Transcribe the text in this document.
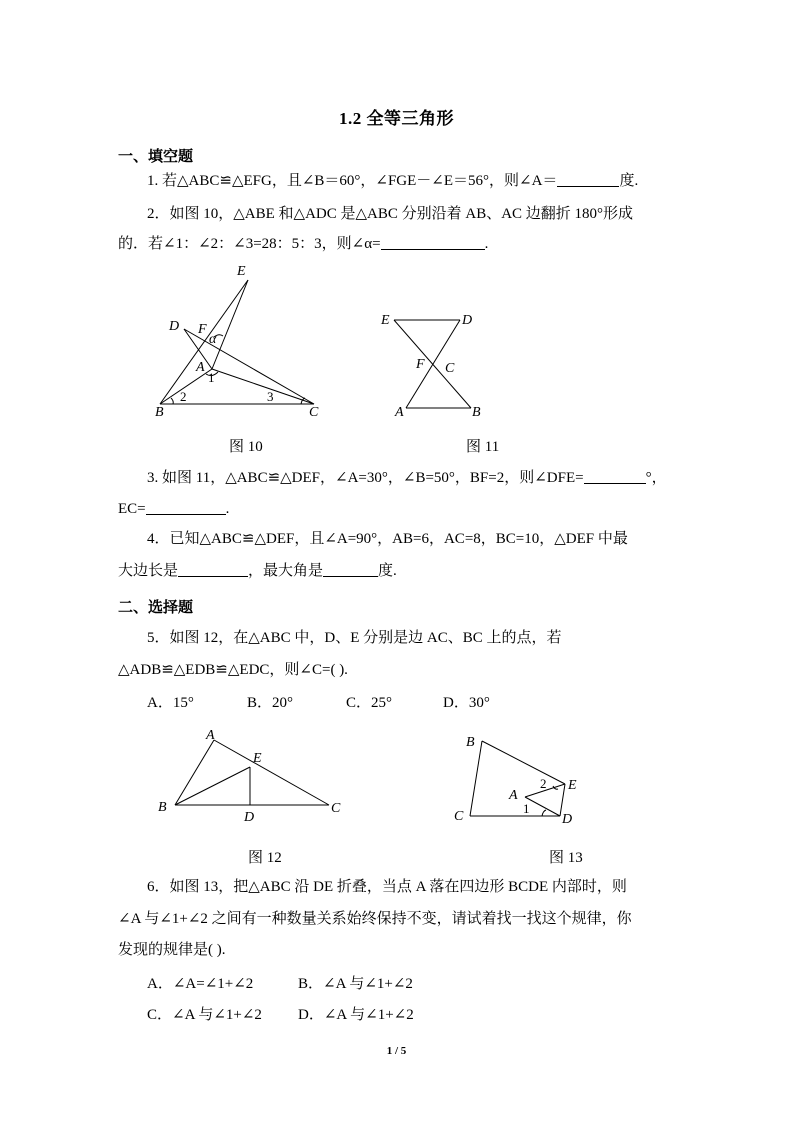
1.2 全等三角形
一、填空题
1. 若△ABC≌△EFG，且∠B＝60°，∠FGE－∠E＝56°，则∠A＝	度.
2．如图 10，△ABE 和△ADC 是△ABC 分别沿着 AB、AC 边翻折 180°形成
的．若∠1：∠2：∠3=28：5：3，则∠α=	.
E
D F
α
A
1
2	3
B	C
图 10
E	D
F C
A	B
图 11
3. 如图 11，△ABC≌△DEF，∠A=30°，∠B=50°，BF=2，则∠DFE=	°，
EC=	.
4．已知△ABC≌△DEF，且∠A=90°，AB=6，AC=8，BC=10，△DEF 中最
大边长是	，最大角是	度.
二、选择题
5．如图 12，在△ABC 中，D、E 分别是边 AC、BC 上的点，若
△ADB≌△EDB≌△EDC，则∠C=( ).
A．15°	B．20°	C．25°	D．30°
A
E
B
D
C
图 12
B
2 E
A
1
C	D
图 13
6．如图 13，把△ABC 沿 DE 折叠，当点 A 落在四边形 BCDE 内部时，则
∠A 与∠1+∠2 之间有一种数量关系始终保持不变，请试着找一找这个规律，你
发现的规律是( ).
A．∠A=∠1+∠2	B．∠A 与∠1+∠2
C．∠A 与∠1+∠2 D．∠A 与∠1+∠2
1 / 5
